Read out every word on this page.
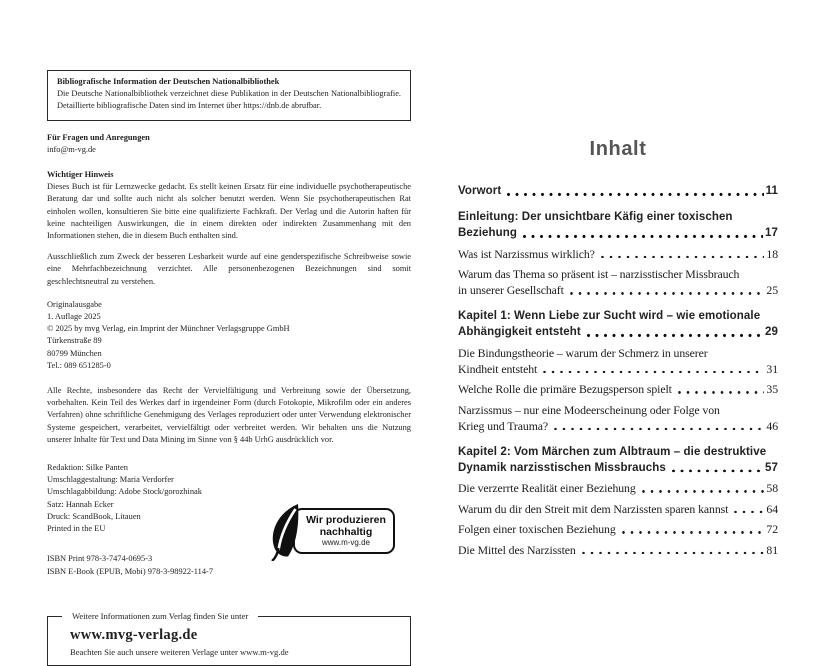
Bibliografische Information der Deutschen Nationalbibliothek
Die Deutsche Nationalbibliothek verzeichnet diese Publikation in der Deutschen Nationalbibliografie. Detaillierte bibliografische Daten sind im Internet über https://dnb.de abrufbar.
Für Fragen und Anregungen
info@m-vg.de
Wichtiger Hinweis
Dieses Buch ist für Lernzwecke gedacht. Es stellt keinen Ersatz für eine individuelle psychotherapeutische Beratung dar und sollte auch nicht als solcher benutzt werden. Wenn Sie psychotherapeutischen Rat einholen wollen, konsultieren Sie bitte eine qualifizierte Fachkraft. Der Verlag und die Autorin haften für keine nachteiligen Auswirkungen, die in einem direkten oder indirekten Zusammenhang mit den Informationen stehen, die in diesem Buch enthalten sind.
Ausschließlich zum Zweck der besseren Lesbarkeit wurde auf eine genderspezifische Schreibweise sowie eine Mehrfachbezeichnung verzichtet. Alle personenbezogenen Bezeichnungen sind somit geschlechtsneutral zu verstehen.
Originalausgabe
1. Auflage 2025
© 2025 by mvg Verlag, ein Imprint der Münchner Verlagsgruppe GmbH
Türkenstraße 89
80799 München
Tel.: 089 651285-0
Alle Rechte, insbesondere das Recht der Vervielfältigung und Verbreitung sowie der Übersetzung, vorbehalten. Kein Teil des Werkes darf in irgendeiner Form (durch Fotokopie, Mikrofilm oder ein anderes Verfahren) ohne schriftliche Genehmigung des Verlages reproduziert oder unter Verwendung elektronischer Systeme gespeichert, verarbeitet, vervielfältigt oder verbreitet werden. Wir behalten uns die Nutzung unserer Inhalte für Text und Data Mining im Sinne von § 44b UrhG ausdrücklich vor.
Redaktion: Silke Panten
Umschlaggestaltung: Maria Verdorfer
Umschlagabbildung: Adobe Stock/gorozhinak
Satz: Hannah Ecker
Druck: ScandBook, Litauen
Printed in the EU
ISBN Print 978-3-7474-0695-3
ISBN E-Book (EPUB, Mobi) 978-3-98922-114-7
Wir produzieren
nachhaltig
www.m-vg.de
Weitere Informationen zum Verlag finden Sie unter
www.mvg-verlag.de
Beachten Sie auch unsere weiteren Verlage unter www.m-vg.de
Inhalt
Vorwort	11
Einleitung: Der unsichtbare Käfig einer toxischen
Beziehung	17
Was ist Narzissmus wirklich?	18
Warum das Thema so präsent ist – narzisstischer Missbrauch
in unserer Gesellschaft	25
Kapitel 1: Wenn Liebe zur Sucht wird – wie emotionale
Abhängigkeit entsteht	29
Die Bindungstheorie – warum der Schmerz in unserer
Kindheit entsteht	31
Welche Rolle die primäre Bezugsperson spielt	35
Narzissmus – nur eine Modeerscheinung oder Folge von
Krieg und Trauma?	46
Kapitel 2: Vom Märchen zum Albtraum – die destruktive
Dynamik narzisstischen Missbrauchs	57
Die verzerrte Realität einer Beziehung	58
Warum du dir den Streit mit dem Narzissten sparen kannst	64
Folgen einer toxischen Beziehung	72
Die Mittel des Narzissten	81
